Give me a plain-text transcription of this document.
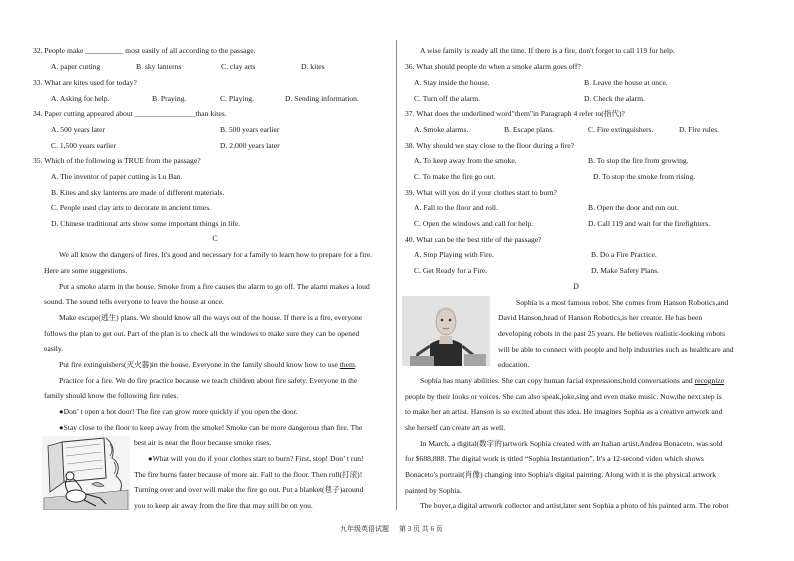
32. People make __________ most easily of all according to the passage.
A. paper cutting	B. sky lanterns	C. clay arts	D. kites
33. What are kites used for today?
A. Asking for help.	B. Praying.	C. Playing.	D. Sending information.
34. Paper cutting appeared about ________________than kites.
A. 500 years later	B. 500 years earlier
C. 1,500 years earlier	D. 2,000 years later
35. Which of the following is TRUE from the passage?
A. The inventor of paper cutting is Lu Ban.
B. Kites and sky lanterns are made of different materials.
C. People used clay arts to decorate in ancient times.
D. Chinese traditional arts show some important things in life.
C
We all know the dangers of fires. It's good and necessary for a family to learn how to prepare for a fire.
Here are some suggestions.
Put a smoke alarm in the house. Smoke from a fire causes the alarm to go off. The alarm makes a loud
sound. The sound tells everyone to leave the house at once.
Make escape(逃生) plans. We should know all the ways out of the house. If there is a fire, everyone
follows the plan to get out. Part of the plan is to check all the windows to make sure they can be opened
easily.
Put fire extinguishers(灭火器)in the house. Everyone in the family should know how to use them.
Practice for a fire. We do fire practice because we teach children about fire safety. Everyone in the
family should know the following fire rules.
●Don’ t open a hot door! The fire can grow more quickly if you open the door.
●Stay close to the floor to keep away from the smoke! Smoke can be more dangerous than fire. The
best air is near the floor because smoke rises.
●What will you do if your clothes start to burn? First, stop! Don’ t run!
The fire burns faster because of more air. Fall to the floor. Then roll(打滚)!
Turning over and over will make the fire go out. Put a blanket(毯子)around
you to keep air away from the fire that may still be on you.
A wise family is ready all the time. If there is a fire, don't forget to call 119 for help.
36. What should people do when a smoke alarm goes off?
A. Stay inside the house.	B. Leave the house at once.
C. Turn off the alarm.	D. Check the alarm.
37. What does the underlined word"them"in Paragraph 4 refer to(指代)?
A. Smoke alarms.	B. Escape plans.	C. Fire extinguishers.	D. Fire rules.
38. Why should we stay close to the floor during a fire?
A. To keep away from the smoke.	B. To stop the fire from growing.
C. To make the fire go out.	D. To stop the smoke from rising.
39. What will you do if your clothes start to burn?
A. Fall to the floor and roll.	B. Open the door and run out.
C. Open the windows and call for help.	D. Call 119 and wait for the firefighters.
40. What can be the best title of the passage?
A. Stop Playing with Fire.	B. Do a Fire Practice.
C. Get Ready for a Fire.	D. Make Safety Plans.
D
Sophia is a most famous robot. She comes from Hanson Robotics,and
David Hanson,head of Hanson Robotics,is her creator. He has been
developing robots in the past 25 years. He believes realistic-looking robots
will be able to connect with people and help industries such as healthcare and
education.
Sophia has many abilities. She can copy human facial expressions,hold conversations and recognize
people by their looks or voices. She can also speak,joke,sing and even make music. Now,the next step is
to make her an artist. Hanson is so excited about this idea. He imagines Sophia as a creative artwork and
she herself can create art as well.
In March, a digital(数字的)artwork Sophia created with an Italian artist,Andrea Bonaceto, was sold
for $688,888. The digital work is titled “Sophia Instantiation”. It's a 12-second video which shows
Bonaceto's portrait(肖像) changing into Sophia's digital painting. Along with it is the physical artwork
painted by Sophia.
The buyer,a digital artwork collector and artist,later sent Sophia a photo of his painted arm. The robot
九年级英语试题 第 3 页 共 6 页
